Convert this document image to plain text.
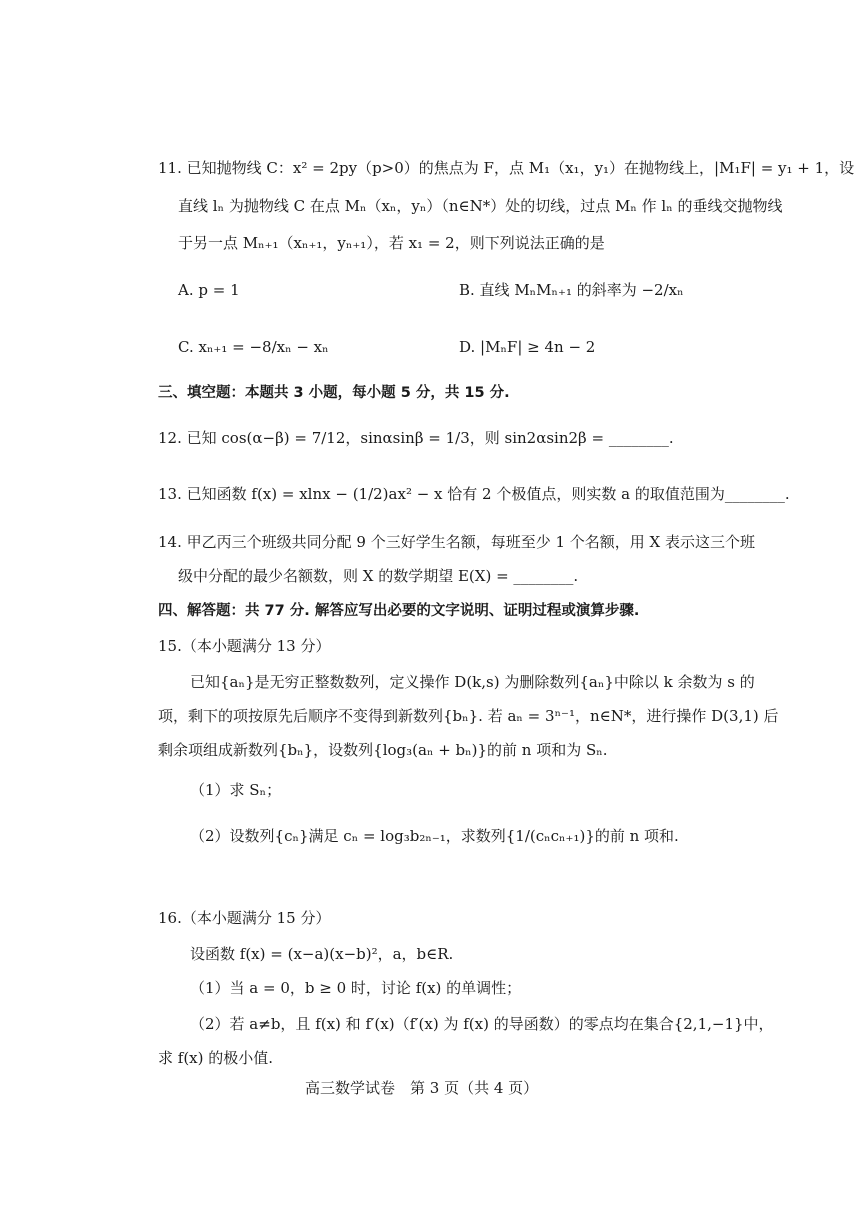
11. 已知抛物线 C：x² = 2py（p>0）的焦点为 F，点 M₁（x₁，y₁）在抛物线上，|M₁F| = y₁ + 1，设
直线 lₙ 为抛物线 C 在点 Mₙ（xₙ，yₙ）（n∈N*）处的切线，过点 Mₙ 作 lₙ 的垂线交抛物线
于另一点 Mₙ₊₁（xₙ₊₁，yₙ₊₁），若 x₁ = 2，则下列说法正确的是
A. p = 1	B. 直线 MₙMₙ₊₁ 的斜率为 −2/xₙ
C. xₙ₊₁ = −8/xₙ − xₙ	D. |MₙF| ≥ 4n − 2
三、填空题：本题共 3 小题，每小题 5 分，共 15 分.
12. 已知 cos(α−β) = 7/12，sinαsinβ = 1/3，则 sin2αsin2β = ________.
13. 已知函数 f(x) = xlnx − (1/2)ax² − x 恰有 2 个极值点，则实数 a 的取值范围为________.
14. 甲乙丙三个班级共同分配 9 个三好学生名额，每班至少 1 个名额，用 X 表示这三个班
级中分配的最少名额数，则 X 的数学期望 E(X) = ________.
四、解答题：共 77 分. 解答应写出必要的文字说明、证明过程或演算步骤.
15.（本小题满分 13 分）
已知{aₙ}是无穷正整数数列，定义操作 D(k,s) 为删除数列{aₙ}中除以 k 余数为 s 的
项，剩下的项按原先后顺序不变得到新数列{bₙ}. 若 aₙ = 3ⁿ⁻¹，n∈N*，进行操作 D(3,1) 后
剩余项组成新数列{bₙ}，设数列{log₃(aₙ + bₙ)}的前 n 项和为 Sₙ.
（1）求 Sₙ；
（2）设数列{cₙ}满足 cₙ = log₃b₂ₙ₋₁，求数列{1/(cₙcₙ₊₁)}的前 n 项和.
16.（本小题满分 15 分）
设函数 f(x) = (x−a)(x−b)²，a，b∈R.
（1）当 a = 0，b ≥ 0 时，讨论 f(x) 的单调性；
（2）若 a≠b，且 f(x) 和 f′(x)（f′(x) 为 f(x) 的导函数）的零点均在集合{2,1,−1}中，
求 f(x) 的极小值.
高三数学试卷　第 3 页（共 4 页）
